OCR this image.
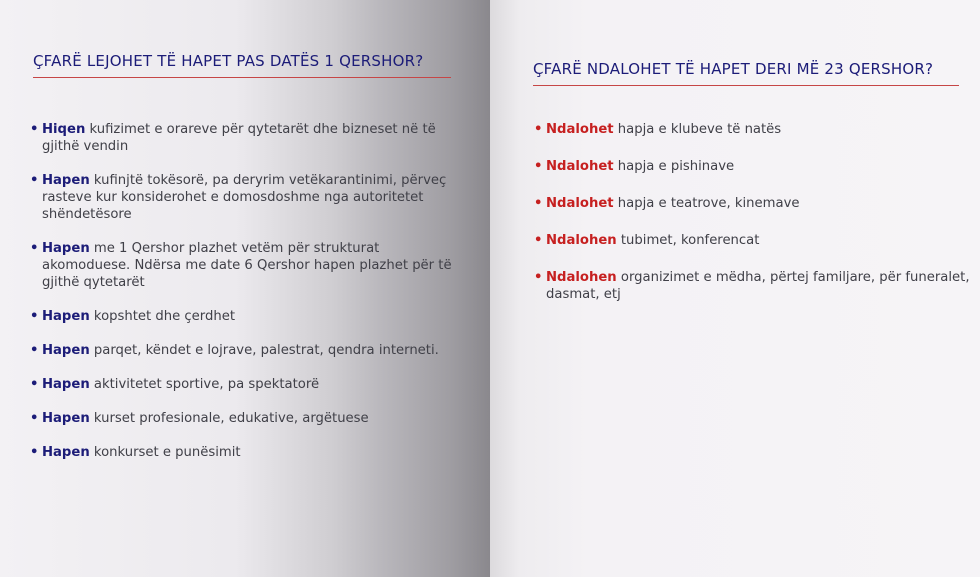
ÇFARË LEJOHET TË HAPET PAS DATËS 1 QERSHOR?
• Hiqen kufizimet e orareve për qytetarët dhe bizneset në të gjithë vendin
• Hapen kufinjtë tokësorë, pa deryrim vetëkarantinimi, përveç rasteve kur konsiderohet e domosdoshme nga autoritetet shëndetësore
• Hapen me 1 Qershor plazhet vetëm për strukturat akomoduese. Ndërsa me date 6 Qershor hapen plazhet për të gjithë qytetarët
• Hapen kopshtet dhe çerdhet
• Hapen parqet, këndet e lojrave, palestrat, qendra interneti.
• Hapen aktivitetet sportive, pa spektatorë
• Hapen kurset profesionale, edukative, argëtuese
• Hapen konkurset e punësimit
ÇFARË NDALOHET TË HAPET DERI MË 23 QERSHOR?
• Ndalohet hapja e klubeve të natës
• Ndalohet hapja e pishinave
• Ndalohet hapja e teatrove, kinemave
• Ndalohen tubimet, konferencat
• Ndalohen organizimet e mëdha, përtej familjare, për funeralet, dasmat, etj
